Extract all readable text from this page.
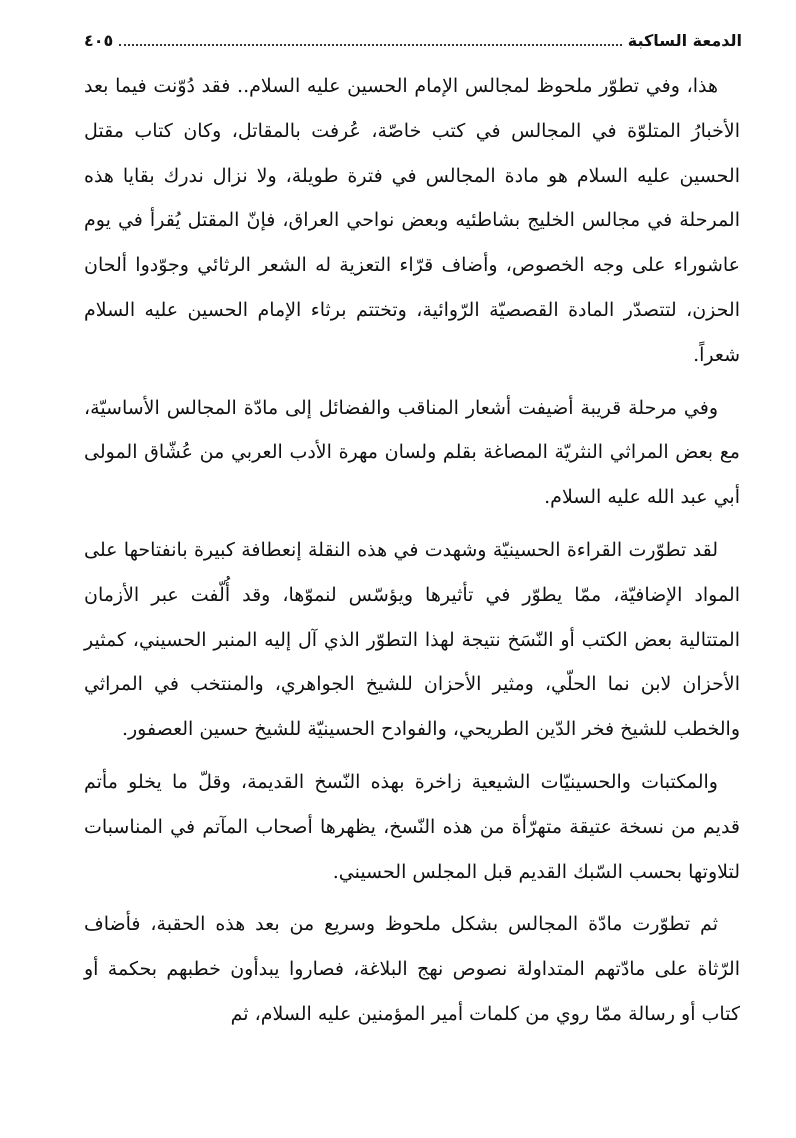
الدمعة الساكبة
٤٠٥

هذا، وفي تطوّر ملحوظ لمجالس الإمام الحسين عليه السلام.. فقد دُوّنت فيما بعد الأخبارُ المتلوّة في المجالس في كتب خاصّة، عُرفت بالمقاتل، وكان كتاب مقتل الحسين عليه السلام هو مادة المجالس في فترة طويلة، ولا نزال ندرك بقايا هذه المرحلة في مجالس الخليج بشاطئيه وبعض نواحي العراق، فإنّ المقتل يُقرأ في يوم عاشوراء على وجه الخصوص، وأضاف قرّاء التعزية له الشعر الرثائي وجوّدوا ألحان الحزن، لتتصدّر المادة القصصيّة الرّوائية، وتختتم برثاء الإمام الحسين عليه السلام شعراً.

وفي مرحلة قريبة أضيفت أشعار المناقب والفضائل إلى مادّة المجالس الأساسيّة، مع بعض المراثي النثريّة المصاغة بقلم ولسان مهرة الأدب العربي من عُشّاق المولى أبي عبد الله عليه السلام.

لقد تطوّرت القراءة الحسينيّة وشهدت في هذه النقلة إنعطافة كبيرة بانفتاحها على المواد الإضافيّة، ممّا يطوّر في تأثيرها ويؤسّس لنموّها، وقد أُلّفت عبر الأزمان المتتالية بعض الكتب أو النّسَخ نتيجة لهذا التطوّر الذي آل إليه المنبر الحسيني، كمثير الأحزان لابن نما الحلّي، ومثير الأحزان للشيخ الجواهري، والمنتخب في المراثي والخطب للشيخ فخر الدّين الطريحي، والفوادح الحسينيّة للشيخ حسين العصفور.

والمكتبات والحسينيّات الشيعية زاخرة بهذه النّسخ القديمة، وقلّ ما يخلو مأتم قديم من نسخة عتيقة متهرّأة من هذه النّسخ، يظهرها أصحاب المآتم في المناسبات لتلاوتها بحسب السّبك القديم قبل المجلس الحسيني.

ثم تطوّرت مادّة المجالس بشكل ملحوظ وسريع من بعد هذه الحقبة، فأضاف الرّثاة على مادّتهم المتداولة نصوص نهج البلاغة، فصاروا يبدأون خطبهم بحكمة أو كتاب أو رسالة ممّا روي من كلمات أمير المؤمنين عليه السلام، ثم
